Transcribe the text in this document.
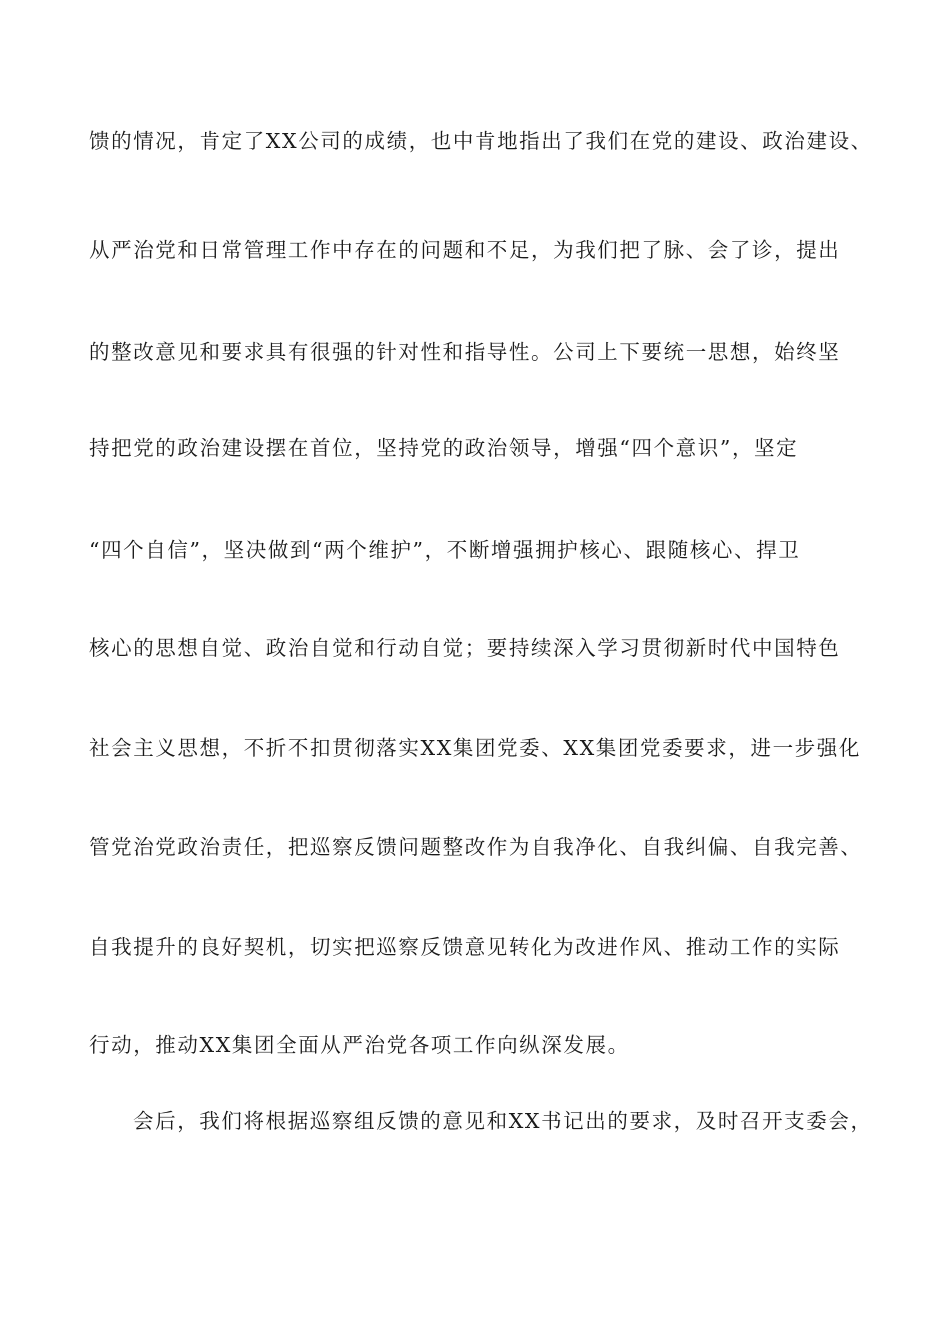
馈的情况，肯定了XX公司的成绩，也中肯地指出了我们在党的建设、政治建设、
从严治党和日常管理工作中存在的问题和不足，为我们把了脉、会了诊，提出
的整改意见和要求具有很强的针对性和指导性。公司上下要统一思想，始终坚
持把党的政治建设摆在首位，坚持党的政治领导，增强“四个意识”，坚定
“四个自信”，坚决做到“两个维护”，不断增强拥护核心、跟随核心、捍卫
核心的思想自觉、政治自觉和行动自觉；要持续深入学习贯彻新时代中国特色
社会主义思想，不折不扣贯彻落实XX集团党委、XX集团党委要求，进一步强化
管党治党政治责任，把巡察反馈问题整改作为自我净化、自我纠偏、自我完善、
自我提升的良好契机，切实把巡察反馈意见转化为改进作风、推动工作的实际
行动，推动XX集团全面从严治党各项工作向纵深发展。
会后，我们将根据巡察组反馈的意见和XX书记出的要求，及时召开支委会，
